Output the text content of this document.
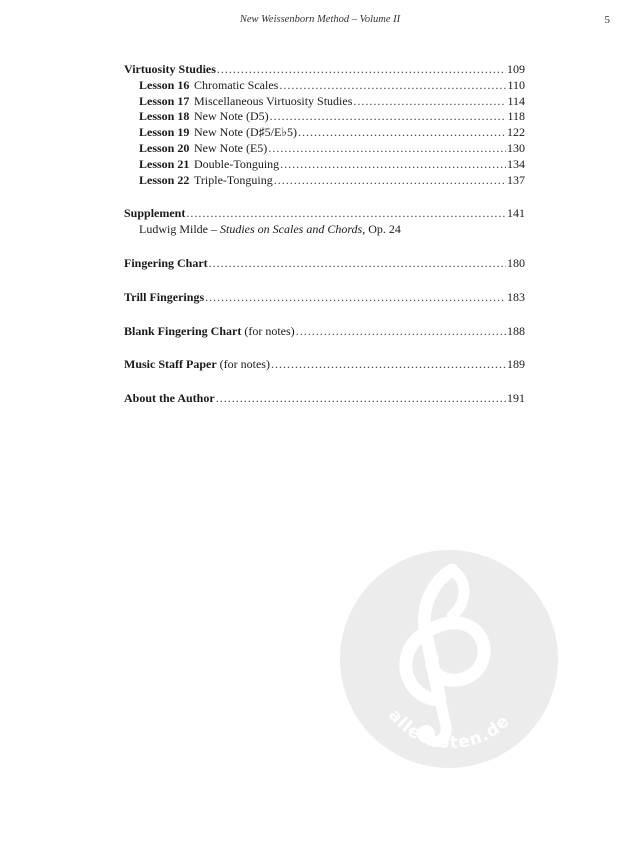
New Weissenborn Method – Volume II	5
Virtuosity Studies .....	109
Lesson 16 Chromatic Scales .....	110
Lesson 17 Miscellaneous Virtuosity Studies .....	114
Lesson 18 New Note (D5) .....	118
Lesson 19 New Note (D♯5/E♭5) .....	122
Lesson 20 New Note (E5) .....	130
Lesson 21 Double-Tonguing .....	134
Lesson 22 Triple-Tonguing .....	137
Supplement .....	141
Ludwig Milde – Studies on Scales and Chords, Op. 24
Fingering Chart .....	180
Trill Fingerings .....	183
Blank Fingering Chart (for notes) .....	188
Music Staff Paper (for notes) .....	189
About the Author .....	191
alle-noten.de
